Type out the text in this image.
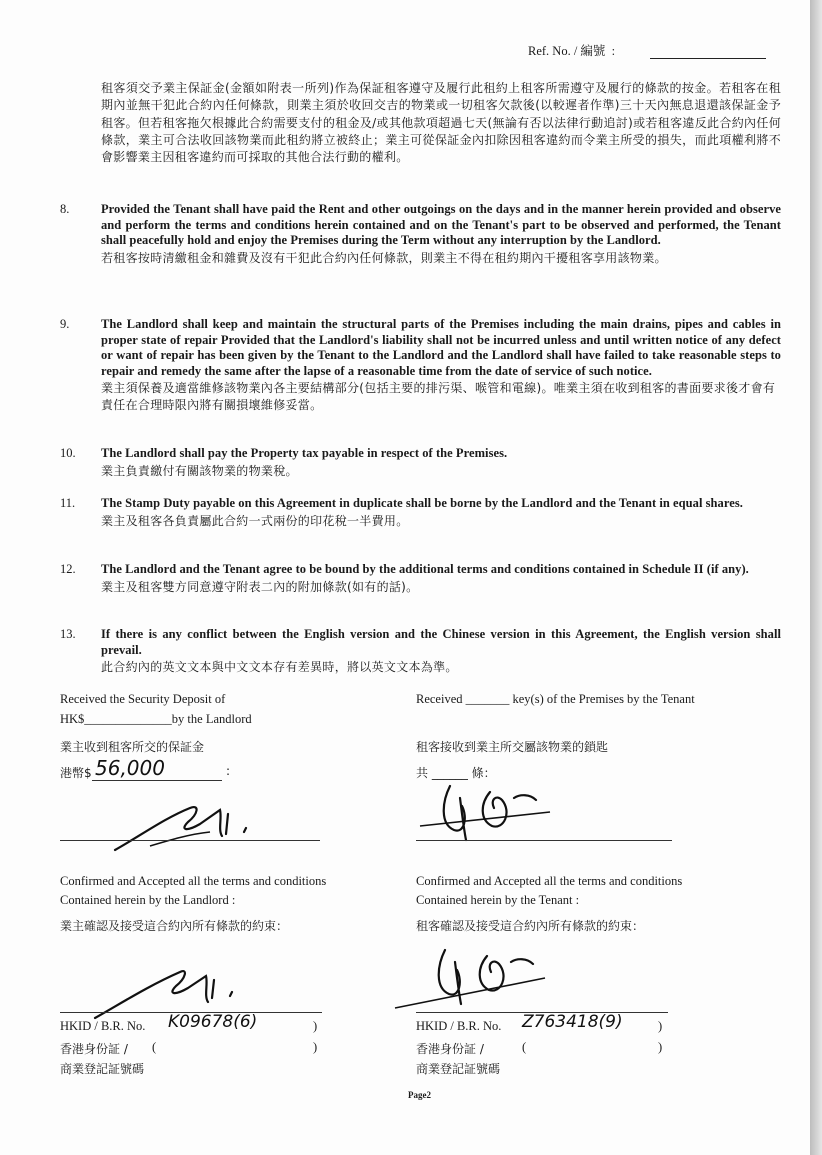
Ref. No. / 編號  :
租客須交予業主保証金(金額如附表一所列)作為保証租客遵守及履行此租約上租客所需遵守及履行的條款的按金。若租客在租期內並無干犯此合約內任何條款，則業主須於收回交吉的物業或一切租客欠款後(以較遲者作準)三十天內無息退還該保証金予租客。但若租客拖欠根據此合約需要支付的租金及/或其他款項超過七天(無論有否以法律行動追討)或若租客違反此合約內任何條款，業主可合法收回該物業而此租約將立被終止；業主可從保証金內扣除因租客違約而令業主所受的損失，而此項權利將不會影響業主因租客違約而可採取的其他合法行動的權利。
8.	Provided the Tenant shall have paid the Rent and other outgoings on the days and in the manner herein provided and observe and perform the terms and conditions herein contained and on the Tenant's part to be observed and performed, the Tenant shall peacefully hold and enjoy the Premises during the Term without any interruption by the Landlord.
若租客按時清繳租金和雜費及沒有干犯此合約內任何條款，則業主不得在租約期內干擾租客享用該物業。
9.	The Landlord shall keep and maintain the structural parts of the Premises including the main drains, pipes and cables in proper state of repair Provided that the Landlord's liability shall not be incurred unless and until written notice of any defect or want of repair has been given by the Tenant to the Landlord and the Landlord shall have failed to take reasonable steps to repair and remedy the same after the lapse of a reasonable time from the date of service of such notice.
業主須保養及適當維修該物業內各主要結構部分(包括主要的排污渠、喉管和電線)。唯業主須在收到租客的書面要求後才會有責任在合理時限內將有關損壞維修妥當。
10. The Landlord shall pay the Property tax payable in respect of the Premises.
業主負責繳付有關該物業的物業稅。
11. The Stamp Duty payable on this Agreement in duplicate shall be borne by the Landlord and the Tenant in equal shares.
業主及租客各負責屬此合約一式兩份的印花稅一半費用。
12. The Landlord and the Tenant agree to be bound by the additional terms and conditions contained in Schedule II (if any).
業主及租客雙方同意遵守附表二內的附加條款(如有的話)。
13. If there is any conflict between the English version and the Chinese version in this Agreement, the English version shall prevail.
此合約內的英文文本與中文文本存有差異時，將以英文文本為準。
Received the Security Deposit of
HK$______________by the Landlord
業主收到租客所交的保証金
港幣$ 56,000	:
Confirmed and Accepted all the terms and conditions
Contained herein by the Landlord :
業主確認及接受這合約內所有條款的約束：
HKID / B.R. No. K09678(6)	)
香港身份証 / (	)
商業登記証號碼
Received _______ key(s) of the Premises by the Tenant
租客接收到業主所交屬該物業的鎖匙
共 ______ 條：
Confirmed and Accepted all the terms and conditions
Contained herein by the Tenant :
租客確認及接受這合約內所有條款的約束：
HKID / B.R. No. Z763418(9)	)
香港身份証 /	(	)
商業登記証號碼
Page2
